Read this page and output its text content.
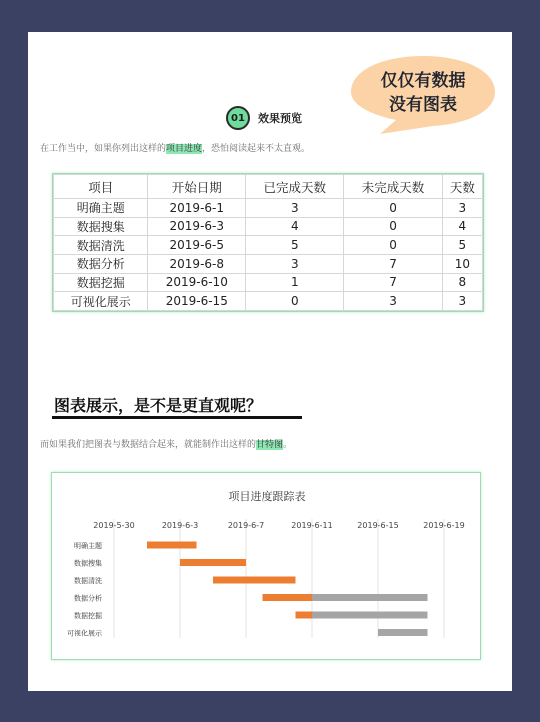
仅仅有数据
没有图表
01	效果预览
在工作当中，如果你列出这样的项目进度，恐怕阅读起来不太直观。
项目	开始日期	已完成天数	未完成天数	天数
明确主题	2019-6-1	3	0	3
数据搜集	2019-6-3	4	0	4
数据清洗	2019-6-5	5	0	5
数据分析	2019-6-8	3	7	10
数据挖掘	2019-6-10	1	7	8
可视化展示	2019-6-15	0	3	3
图表展示，是不是更直观呢？
而如果我们把图表与数据结合起来，就能制作出这样的甘特图。
项目进度跟踪表
2019-5-30	2019-6-3	2019-6-7	2019-6-11	2019-6-15	2019-6-19
明确主题
数据搜集
数据清洗
数据分析
数据挖掘
可视化展示
